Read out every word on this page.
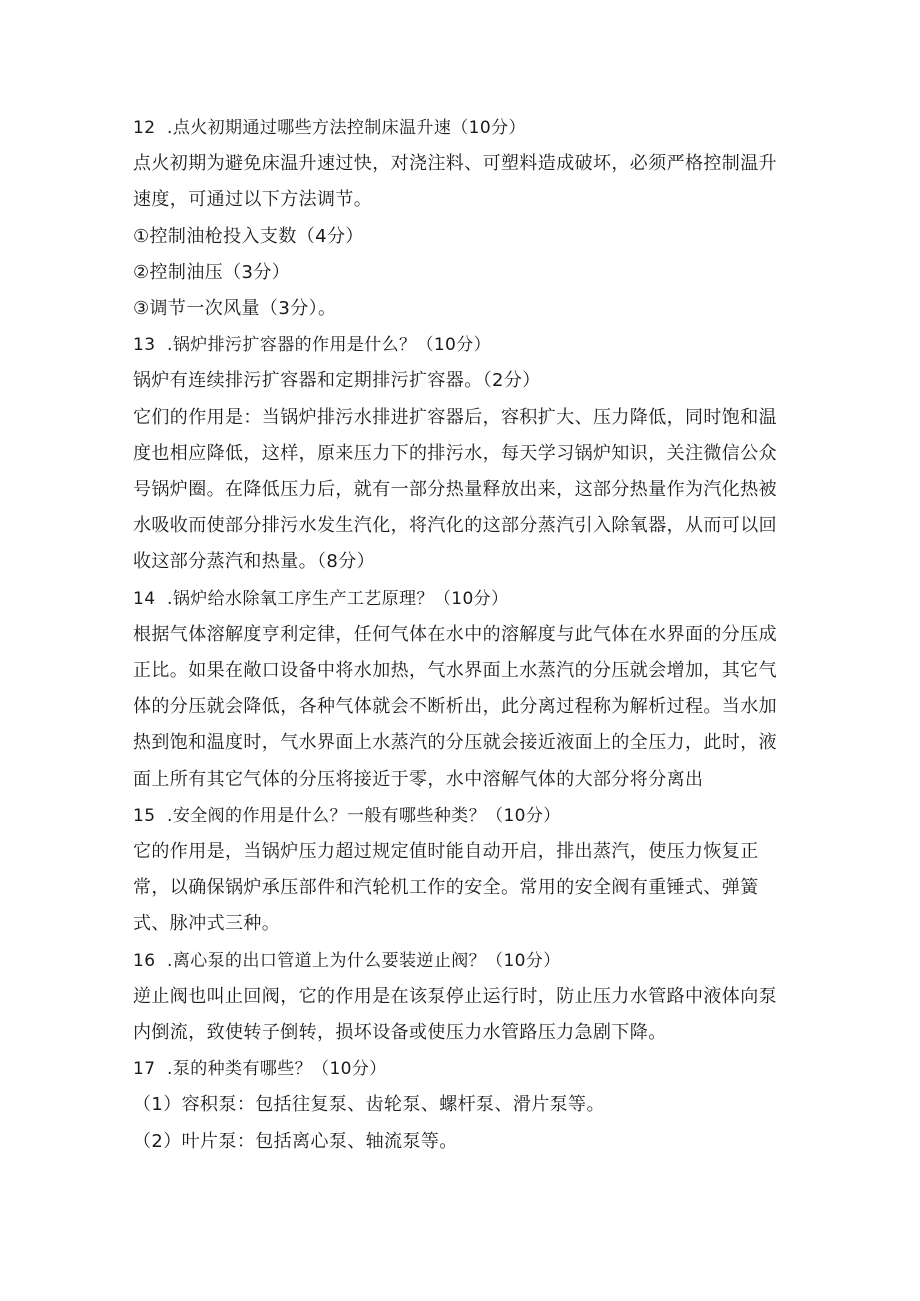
12  .点火初期通过哪些方法控制床温升速（10分）

点火初期为避免床温升速过快，对浇注料、可塑料造成破坏，必须严格控制温升

速度，可通过以下方法调节。

①控制油枪投入支数（4分）

②控制油压（3分）

③调节一次风量（3分）。

13  .锅炉排污扩容器的作用是什么？（10分）

锅炉有连续排污扩容器和定期排污扩容器。（2分）

它们的作用是：当锅炉排污水排进扩容器后，容积扩大、压力降低，同时饱和温

度也相应降低，这样，原来压力下的排污水，每天学习锅炉知识，关注微信公众

号锅炉圈。在降低压力后，就有一部分热量释放出来，这部分热量作为汽化热被

水吸收而使部分排污水发生汽化，将汽化的这部分蒸汽引入除氧器，从而可以回

收这部分蒸汽和热量。（8分）

14  .锅炉给水除氧工序生产工艺原理？（10分）

根据气体溶解度亨利定律，任何气体在水中的溶解度与此气体在水界面的分压成

正比。如果在敞口设备中将水加热，气水界面上水蒸汽的分压就会增加，其它气

体的分压就会降低，各种气体就会不断析出，此分离过程称为解析过程。当水加

热到饱和温度时，气水界面上水蒸汽的分压就会接近液面上的全压力，此时，液

面上所有其它气体的分压将接近于零，水中溶解气体的大部分将分离出

15  .安全阀的作用是什么？一般有哪些种类？（10分）

它的作用是，当锅炉压力超过规定值时能自动开启，排出蒸汽，使压力恢复正

常，以确保锅炉承压部件和汽轮机工作的安全。常用的安全阀有重锤式、弹簧

式、脉冲式三种。

16  .离心泵的出口管道上为什么要装逆止阀？（10分）

逆止阀也叫止回阀，它的作用是在该泵停止运行时，防止压力水管路中液体向泵

内倒流，致使转子倒转，损坏设备或使压力水管路压力急剧下降。

17  .泵的种类有哪些？（10分）

（1）容积泵：包括往复泵、齿轮泵、螺杆泵、滑片泵等。

（2）叶片泵：包括离心泵、轴流泵等。
